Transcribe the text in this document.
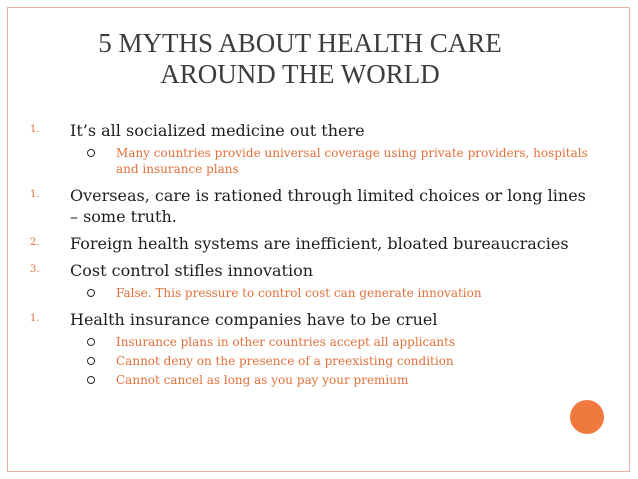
5 MYTHS ABOUT HEALTH CARE
AROUND THE WORLD
1. It’s all socialized medicine out there
Many countries provide universal coverage using private providers, hospitals and insurance plans
1. Overseas, care is rationed through limited choices or long lines – some truth.
2. Foreign health systems are inefficient, bloated bureaucracies
3. Cost control stifles innovation
False. This pressure to control cost can generate innovation
1. Health insurance companies have to be cruel
Insurance plans in other countries accept all applicants
Cannot deny on the presence of a preexisting condition
Cannot cancel as long as you pay your premium
